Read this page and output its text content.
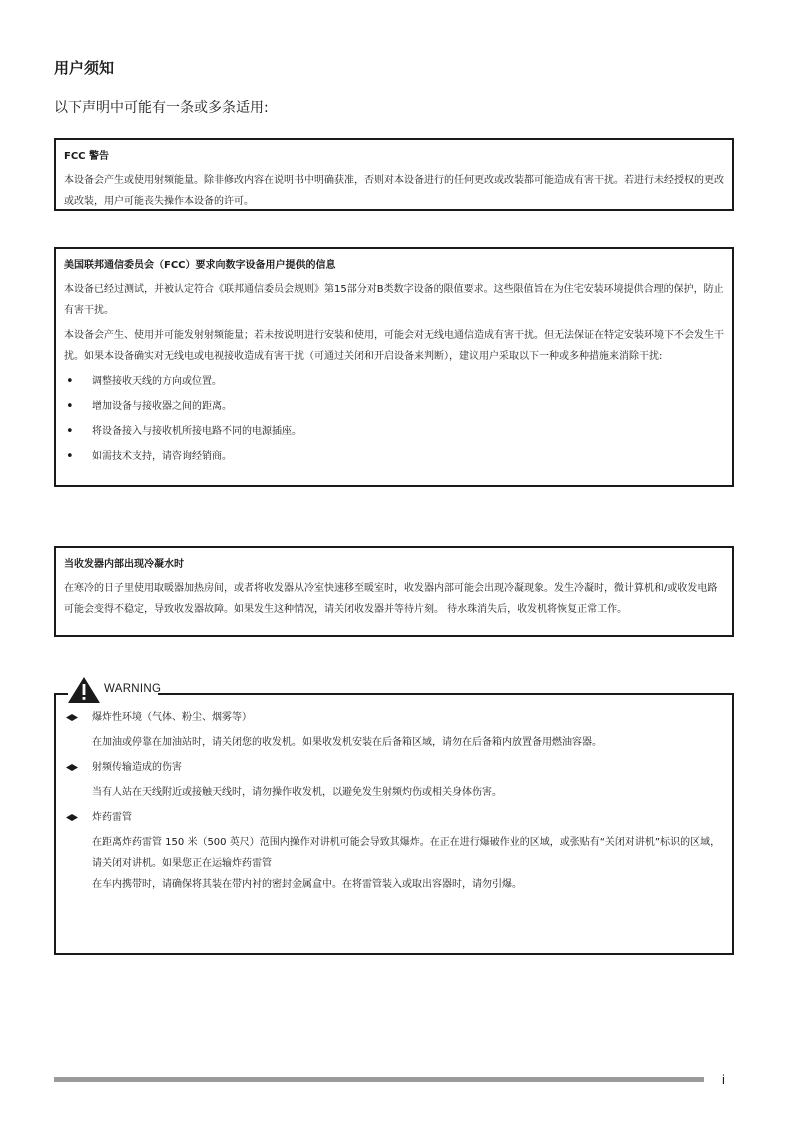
用户须知
以下声明中可能有一条或多条适用:
FCC 警告
本设备会产生或使用射频能量。除非修改内容在说明书中明确获准，否则对本设备进行的任何更改或改装都可能造成有害干扰。若进行未经授权的更改或改装，用户可能丧失操作本设备的许可。
美国联邦通信委员会（FCC）要求向数字设备用户提供的信息
本设备已经过测试，并被认定符合《联邦通信委员会规则》第15部分对B类数字设备的限值要求。这些限值旨在为住宅安装环境提供合理的保护，防止有害干扰。
本设备会产生、使用并可能发射射频能量；若未按说明进行安装和使用，可能会对无线电通信造成有害干扰。但无法保证在特定安装环境下不会发生干扰。如果本设备确实对无线电或电视接收造成有害干扰（可通过关闭和开启设备来判断），建议用户采取以下一种或多种措施来消除干扰:
• 调整接收天线的方向或位置。
• 增加设备与接收器之间的距离。
• 将设备接入与接收机所接电路不同的电源插座。
• 如需技术支持，请咨询经销商。
当收发器内部出现冷凝水时
在寒冷的日子里使用取暖器加热房间，或者将收发器从冷室快速移至暖室时，收发器内部可能会出现冷凝现象。发生冷凝时，微计算机和/或收发电路可能会变得不稳定，导致收发器故障。如果发生这种情况，请关闭收发器并等待片刻。 待水珠消失后，收发机将恢复正常工作。
WARNING
爆炸性环境（气体、粉尘、烟雾等）
在加油或停靠在加油站时，请关闭您的收发机。如果收发机安装在后备箱区域，请勿在后备箱内放置备用燃油容器。
射频传输造成的伤害
当有人站在天线附近或接触天线时，请勿操作收发机，以避免发生射频灼伤或相关身体伤害。
炸药雷管
在距离炸药雷管 150 米（500 英尺）范围内操作对讲机可能会导致其爆炸。在正在进行爆破作业的区域，或张贴有“关闭对讲机”标识的区域，请关闭对讲机。如果您正在运输炸药雷管
在车内携带时，请确保将其装在带内衬的密封金属盒中。在将雷管装入或取出容器时，请勿引爆。
i
